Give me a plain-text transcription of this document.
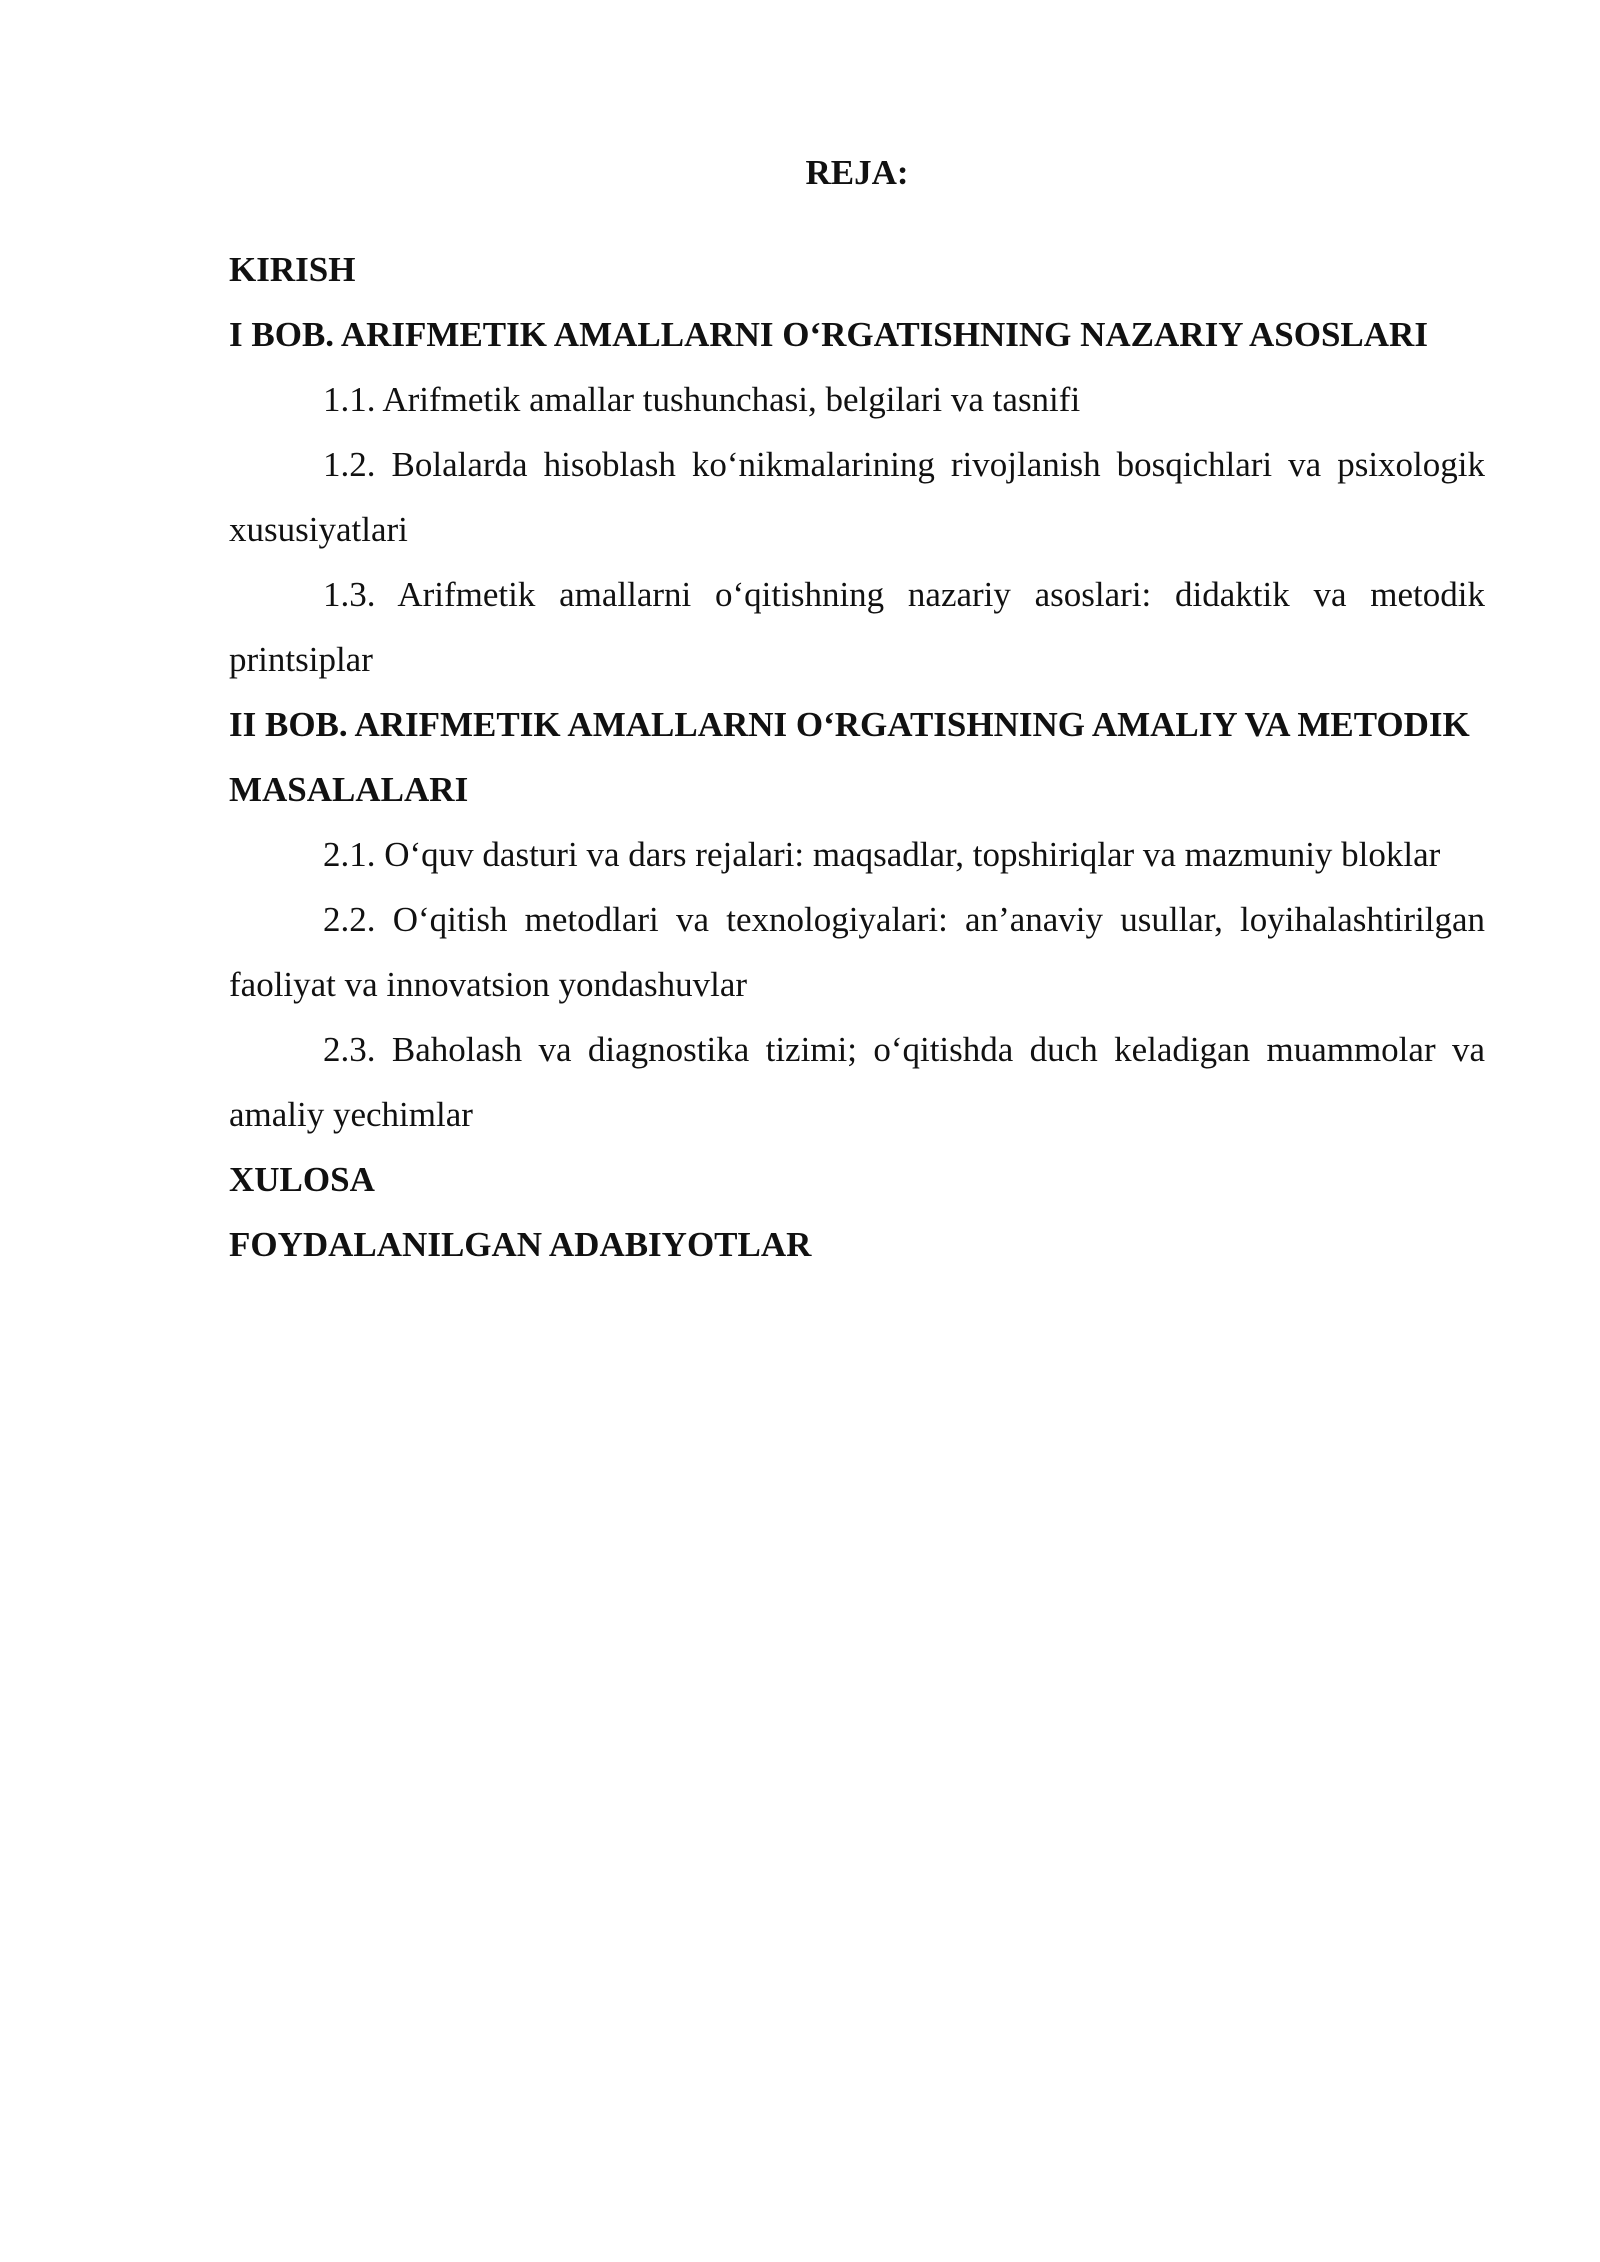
REJA:
KIRISH
I BOB. ARIFMETIK AMALLARNI O‘RGATISHNING NAZARIY ASOSLARI
1.1. Arifmetik amallar tushunchasi, belgilari va tasnifi
1.2. Bolalarda hisoblash ko‘nikmalarining rivojlanish bosqichlari va psixologik xususiyatlari
1.3. Arifmetik amallarni o‘qitishning nazariy asoslari: didaktik va metodik printsiplar
II BOB. ARIFMETIK AMALLARNI O‘RGATISHNING AMALIY VA METODIK MASALALARI
2.1. O‘quv dasturi va dars rejalari: maqsadlar, topshiriqlar va mazmuniy bloklar
2.2. O‘qitish metodlari va texnologiyalari: an’anaviy usullar, loyihalashtirilgan faoliyat va innovatsion yondashuvlar
2.3. Baholash va diagnostika tizimi; o‘qitishda duch keladigan muammolar va amaliy yechimlar
XULOSA
FOYDALANILGAN ADABIYOTLAR
